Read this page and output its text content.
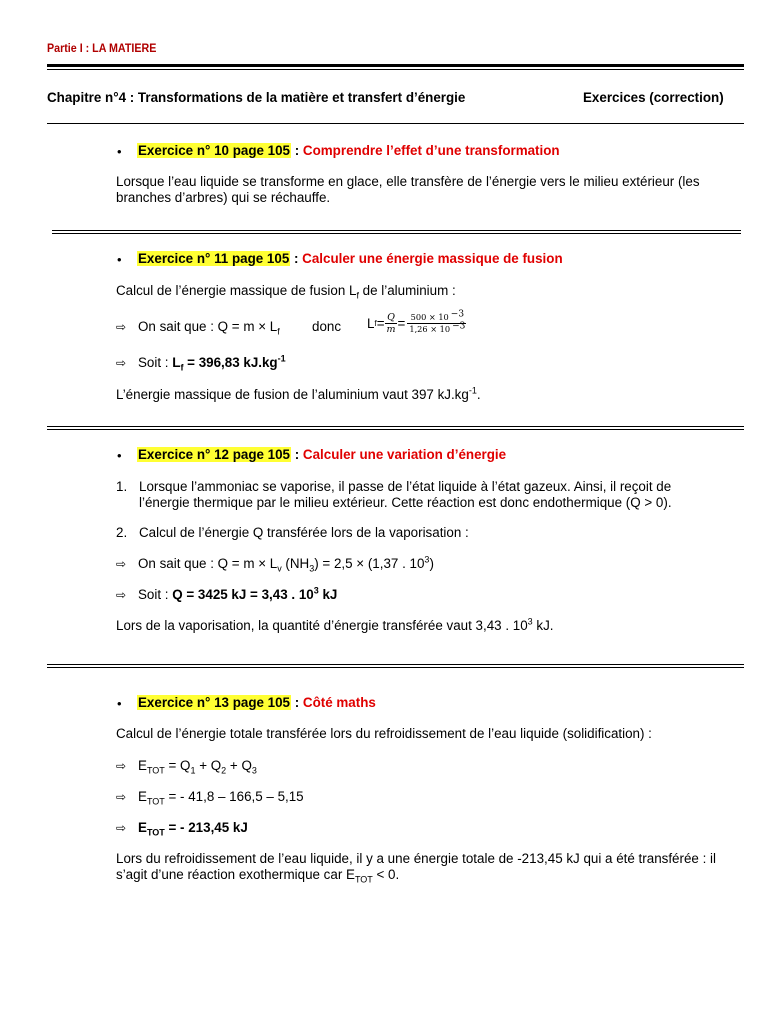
Partie I : LA MATIERE
Chapitre n°4 : Transformations de la matière et transfert d’énergie	Exercices (correction)
• Exercice n° 10 page 105 : Comprendre l’effet d’une transformation
Lorsque l’eau liquide se transforme en glace, elle transfère de l’énergie vers le milieu extérieur (les branches d’arbres) qui se réchauffe.
• Exercice n° 11 page 105 : Calculer une énergie massique de fusion
Calcul de l’énergie massique de fusion $L_f$ de l’aluminium :
⇨ On sait que : $Q = m \times L_f$ donc L $f = \frac{Q}{m} = \frac{500 \times 10 ^{-3}}{1,26 \times 10 ^{-3}}$
⇨ Soit : $L_f = 396,83$ $kJ.kg^{-1}$
L’énergie massique de fusion de l’aluminium vaut 397 $kJ.kg^{-1}$.
• Exercice n° 12 page 105 : Calculer une variation d’énergie
1. Lorsque l’ammoniac se vaporise, il passe de l’état liquide à l’état gazeux. Ainsi, il reçoit de l’énergie thermique par le milieu extérieur. Cette réaction est donc endothermique (Q > 0).
2. Calcul de l’énergie Q transférée lors de la vaporisation :
⇨ On sait que : $Q = m \times L_v$ $(NH_3) = 2,5 \times (1,37$ . $10^3$)
⇨ Soit : Q = 3425 kJ = 3,43 . $10^3$ kJ
Lors de la vaporisation, la quantité d’énergie transférée vaut 3,43 . $10^3$ kJ.
• Exercice n° 13 page 105 : Côté maths
Calcul de l’énergie totale transférée lors du refroidissement de l’eau liquide (solidification) :
⇨ $E_{TOT} = Q_1 + Q_2 + Q_3$
⇨ $E_{TOT}$ = - 41,8 – 166,5 – 5,15
⇨ $E_{TOT}$ = - 213,45 kJ
Lors du refroidissement de l’eau liquide, il y a une énergie totale de -213,45 kJ qui a été transférée : il s’agit d’une réaction exothermique car $E_{TOT} < 0$.
